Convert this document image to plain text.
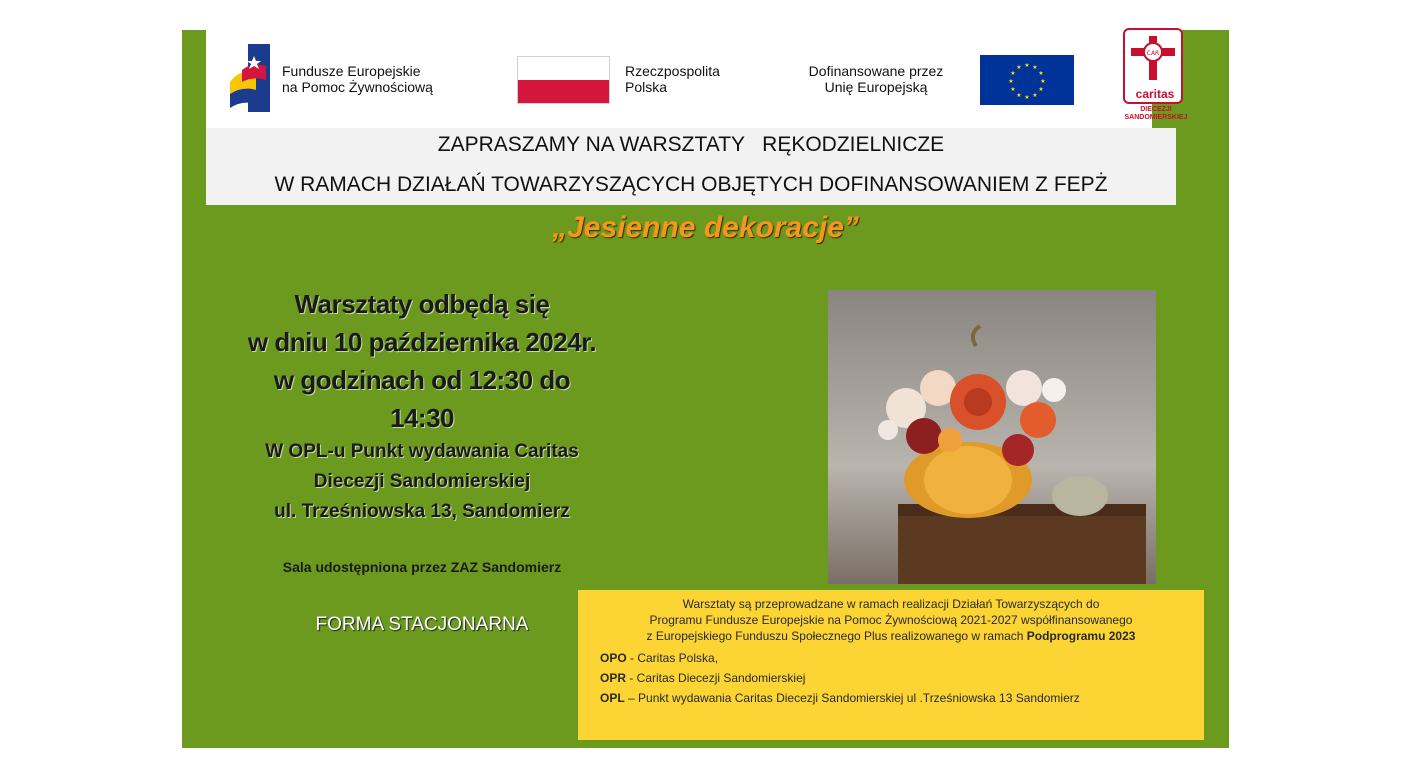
Fundusze Europejskie
na Pomoc Żywnościową
Rzeczpospolita
Polska
Dofinansowane przez
Unię Europejską
★ ★
★
★
★
★
★
★
★
★
★
★
CAR
caritas
DIECEZJI
SANDOMIERSKIEJ
ZAPRASZAMY NA WARSZTATY   RĘKODZIELNICZE
W RAMACH DZIAŁAŃ TOWARZYSZĄCYCH OBJĘTYCH DOFINANSOWANIEM Z FEPŻ
„Jesienne dekoracje”
Warsztaty odbędą się
w dniu 10 października 2024r.
w godzinach od 12:30 do
14:30
W OPL-u Punkt wydawania Caritas
Diecezji Sandomierskiej
ul. Trześniowska 13, Sandomierz
Sala udostępniona przez ZAZ Sandomierz
FORMA STACJONARNA
Warsztaty są przeprowadzane w ramach realizacji Działań Towarzyszących do
Programu Fundusze Europejskie na Pomoc Żywnościową 2021-2027 współfinansowanego
z Europejskiego Funduszu Społecznego Plus realizowanego w ramach Podprogramu 2023
OPO - Caritas Polska,
OPR - Caritas Diecezji Sandomierskiej
OPL – Punkt wydawania Caritas Diecezji Sandomierskiej ul .Trześniowska 13 Sandomierz
